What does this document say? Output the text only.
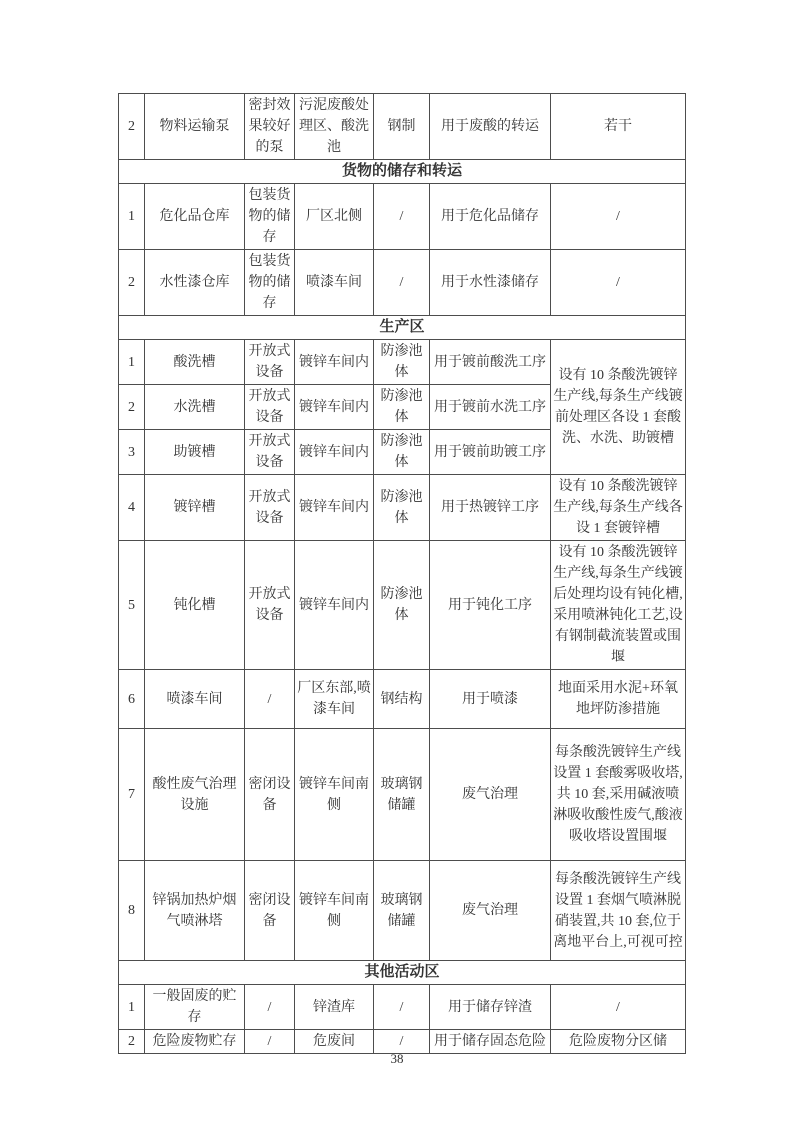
2	物料运输泵	密封效果较好的泵	污泥废酸处理区、酸洗池	钢制	用于废酸的转运	若干
货物的储存和转运						
1	危化品仓库	包装货物的储存	厂区北侧	/	用于危化品储存	/
2	水性漆仓库	包装货物的储存	喷漆车间	/	用于水性漆储存	/
生产区						
1	酸洗槽	开放式设备	镀锌车间内	防渗池体	用于镀前酸洗工序	设有 10 条酸洗镀锌生产线,每条生产线镀前处理区各设 1 套酸洗、水洗、助镀槽
2	水洗槽	开放式设备	镀锌车间内	防渗池体	用于镀前水洗工序	
3	助镀槽	开放式设备	镀锌车间内	防渗池体	用于镀前助镀工序	
4	镀锌槽	开放式设备	镀锌车间内	防渗池体	用于热镀锌工序	设有 10 条酸洗镀锌生产线,每条生产线各设 1 套镀锌槽
5	钝化槽	开放式设备	镀锌车间内	防渗池体	用于钝化工序	设有 10 条酸洗镀锌生产线,每条生产线镀后处理均设有钝化槽,采用喷淋钝化工艺,设有钢制截流装置或围堰
6	喷漆车间	/	厂区东部,喷漆车间	钢结构	用于喷漆	地面采用水泥+环氧地坪防渗措施
7	酸性废气治理设施	密闭设备	镀锌车间南侧	玻璃钢储罐	废气治理	每条酸洗镀锌生产线设置 1 套酸雾吸收塔,共 10 套,采用碱液喷淋吸收酸性废气,酸液吸收塔设置围堰
8	锌锅加热炉烟气喷淋塔	密闭设备	镀锌车间南侧	玻璃钢储罐	废气治理	每条酸洗镀锌生产线设置 1 套烟气喷淋脱硝装置,共 10 套,位于离地平台上,可视可控
其他活动区						
1	一般固废的贮存	/	锌渣库	/	用于储存锌渣	/
2	危险废物贮存	/	危废间	/	用于储存固态危险	危险废物分区储
38
